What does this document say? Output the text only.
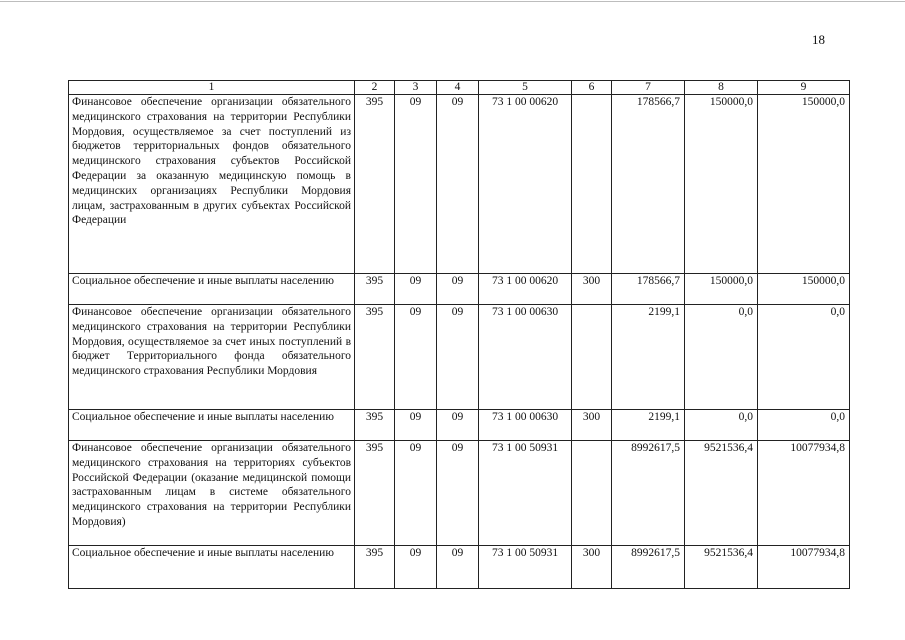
18
1	2	3	4	5	6	7	8	9
Финансовое обеспечение организации обязательного медицинского страхования на территории Республики Мордовия, осуществляемое за счет поступлений из бюджетов территориальных фондов обязательного медицинского страхования субъектов Российской Федерации за оказанную медицинскую помощь в медицинских организациях Республики Мордовия лицам, застрахованным в других субъектах Российской Федерации	395	09	09	73 1 00 00620		178566,7	150000,0	150000,0
Социальное обеспечение и иные выплаты населению	395	09	09	73 1 00 00620	300	178566,7	150000,0	150000,0
Финансовое обеспечение организации обязательного медицинского страхования на территории Республики Мордовия, осуществляемое за счет иных поступлений в бюджет Территориального фонда обязательного медицинского страхования Республики Мордовия	395	09	09	73 1 00 00630		2199,1	0,0	0,0
Социальное обеспечение и иные выплаты населению	395	09	09	73 1 00 00630	300	2199,1	0,0	0,0
Финансовое обеспечение организации обязательного медицинского страхования на территориях субъектов Российской Федерации (оказание медицинской помощи застрахованным лицам в системе обязательного медицинского страхования на территории Республики Мордовия)	395	09	09	73 1 00 50931		8992617,5	9521536,4	10077934,8
Социальное обеспечение и иные выплаты населению	395	09	09	73 1 00 50931	300	8992617,5	9521536,4	10077934,8
